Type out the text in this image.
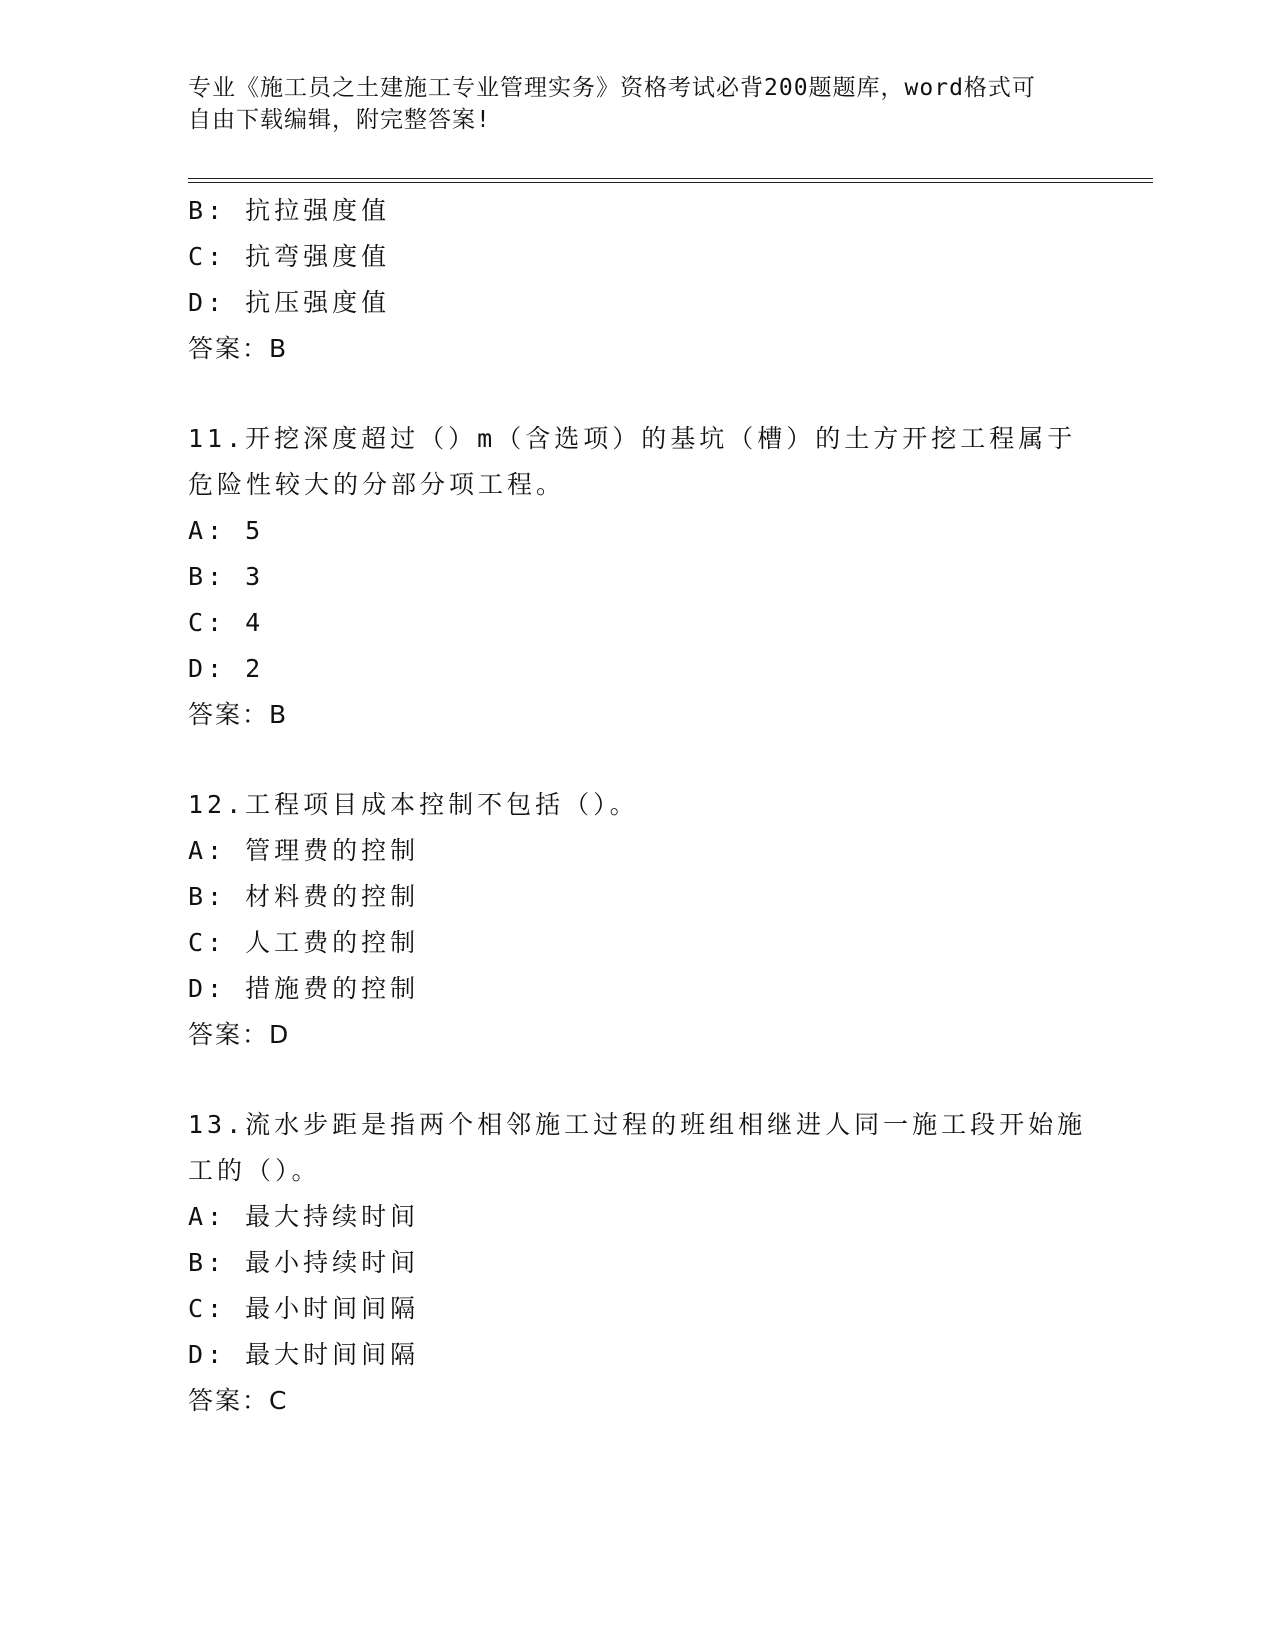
专业《施工员之土建施工专业管理实务》资格考试必背200题题库，word格式可
自由下载编辑，附完整答案!
B: 抗拉强度值
C: 抗弯强度值
D: 抗压强度值
答案：B
11.开挖深度超过（）m（含选项）的基坑（槽）的土方开挖工程属于
危险性较大的分部分项工程。
A: 5
B: 3
C: 4
D: 2
答案：B
12.工程项目成本控制不包括（）。
A: 管理费的控制
B: 材料费的控制
C: 人工费的控制
D: 措施费的控制
答案：D
13.流水步距是指两个相邻施工过程的班组相继进人同一施工段开始施
工的（）。
A: 最大持续时间
B: 最小持续时间
C: 最小时间间隔
D: 最大时间间隔
答案：C
